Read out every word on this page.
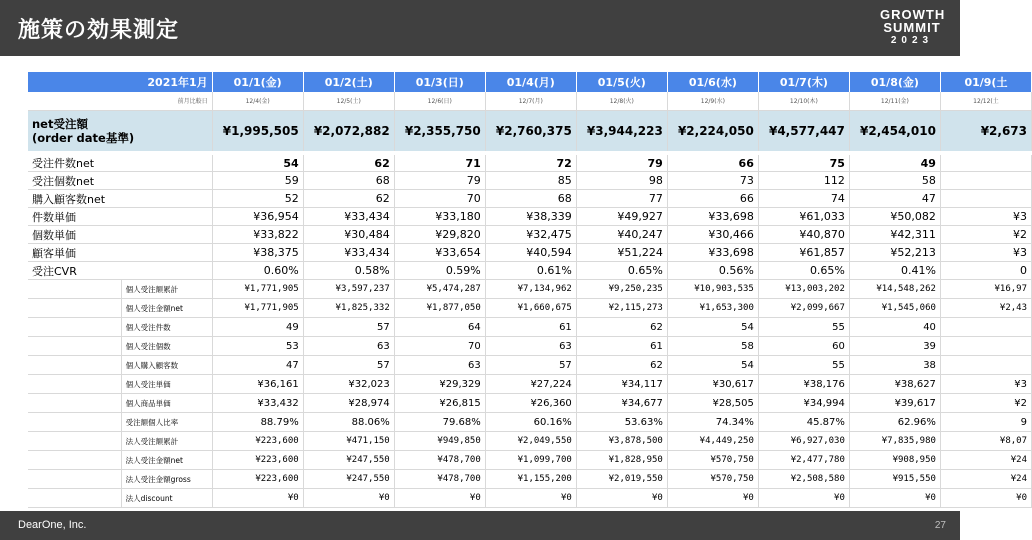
施策の効果測定
GROWTH
SUMMIT
2023
2021年1月		01/1(金)	01/2(土)	01/3(日)	01/4(月)	01/5(火)	01/6(水)	01/7(木)	01/8(金)	01/9(土
前月比較日		12/4(金)	12/5(土)	12/6(日)	12/7(月)	12/8(火)	12/9(水)	12/10(木)	12/11(金)	12/12(土

net受注額
(order date基準)		¥1,995,505	¥2,072,882	¥2,355,750	¥2,760,375	¥3,944,223	¥2,224,050	¥4,577,447	¥2,454,010	¥2,673
受注件数net		54	62	71	72	79	66	75	49	
受注個数net		59	68	79	85	98	73	112	58	
購入顧客数net		52	62	70	68	77	66	74	47	
件数単価		¥36,954	¥33,434	¥33,180	¥38,339	¥49,927	¥33,698	¥61,033	¥50,082	¥3
個数単価		¥33,822	¥30,484	¥29,820	¥32,475	¥40,247	¥30,466	¥40,870	¥42,311	¥2
顧客単価		¥38,375	¥33,434	¥33,654	¥40,594	¥51,224	¥33,698	¥61,857	¥52,213	¥3
受注CVR		0.60%	0.58%	0.59%	0.61%	0.65%	0.56%	0.65%	0.41%	0
	個人受注額累計	¥1,771,905	¥3,597,237	¥5,474,287	¥7,134,962	¥9,250,235	¥10,903,535	¥13,003,202	¥14,548,262	¥16,97
	個人受注金額net	¥1,771,905	¥1,825,332	¥1,877,050	¥1,660,675	¥2,115,273	¥1,653,300	¥2,099,667	¥1,545,060	¥2,43
	個人受注件数	49	57	64	61	62	54	55	40	
	個人受注個数	53	63	70	63	61	58	60	39	
	個人購入顧客数	47	57	63	57	62	54	55	38	
	個人受注単価	¥36,161	¥32,023	¥29,329	¥27,224	¥34,117	¥30,617	¥38,176	¥38,627	¥3
	個人商品単価	¥33,432	¥28,974	¥26,815	¥26,360	¥34,677	¥28,505	¥34,994	¥39,617	¥2
	受注額個人比率	88.79%	88.06%	79.68%	60.16%	53.63%	74.34%	45.87%	62.96%	9
	法人受注額累計	¥223,600	¥471,150	¥949,850	¥2,049,550	¥3,878,500	¥4,449,250	¥6,927,030	¥7,835,980	¥8,07
	法人受注金額net	¥223,600	¥247,550	¥478,700	¥1,099,700	¥1,828,950	¥570,750	¥2,477,780	¥908,950	¥24
	法人受注金額gross	¥223,600	¥247,550	¥478,700	¥1,155,200	¥2,019,550	¥570,750	¥2,508,580	¥915,550	¥24
	法人discount	¥0	¥0	¥0	¥0	¥0	¥0	¥0	¥0	¥0
DearOne, Inc.	27
